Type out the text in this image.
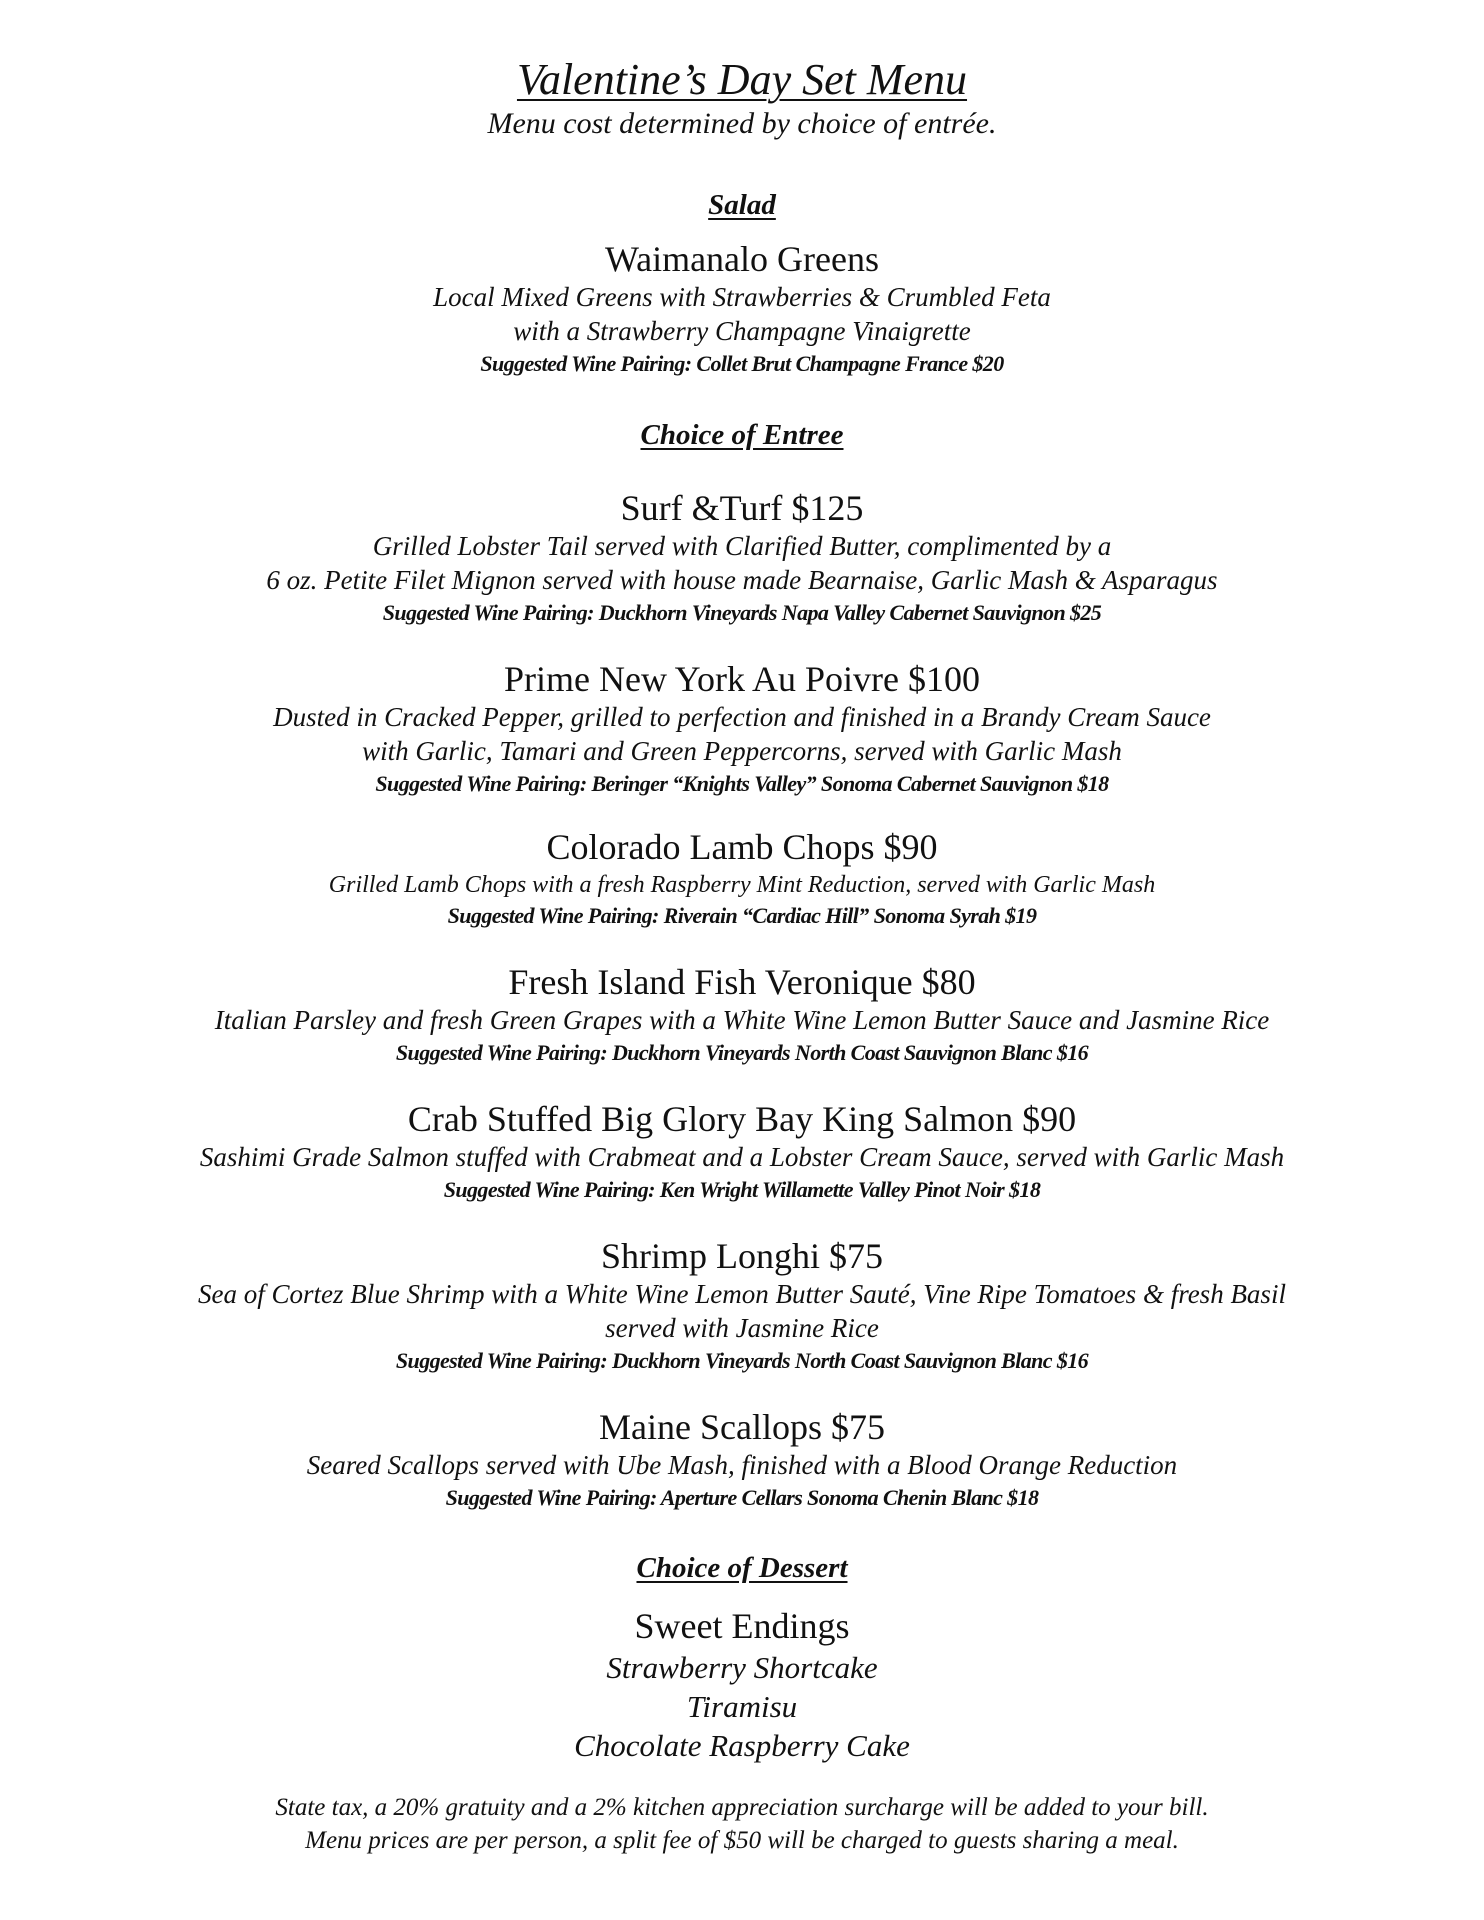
Valentine’s Day Set Menu
Menu cost determined by choice of entrée.
Salad
Waimanalo Greens
Local Mixed Greens with Strawberries & Crumbled Feta
with a Strawberry Champagne Vinaigrette
Suggested Wine Pairing: Collet Brut Champagne France $20
Choice of Entree
Surf &Turf $125
Grilled Lobster Tail served with Clarified Butter, complimented by a
6 oz. Petite Filet Mignon served with house made Bearnaise, Garlic Mash & Asparagus
Suggested Wine Pairing: Duckhorn Vineyards Napa Valley Cabernet Sauvignon $25
Prime New York Au Poivre $100
Dusted in Cracked Pepper, grilled to perfection and finished in a Brandy Cream Sauce
with Garlic, Tamari and Green Peppercorns, served with Garlic Mash
Suggested Wine Pairing: Beringer “Knights Valley” Sonoma Cabernet Sauvignon $18
Colorado Lamb Chops $90
Grilled Lamb Chops with a fresh Raspberry Mint Reduction, served with Garlic Mash
Suggested Wine Pairing: Riverain “Cardiac Hill” Sonoma Syrah $19
Fresh Island Fish Veronique $80
Italian Parsley and fresh Green Grapes with a White Wine Lemon Butter Sauce and Jasmine Rice
Suggested Wine Pairing: Duckhorn Vineyards North Coast Sauvignon Blanc $16
Crab Stuffed Big Glory Bay King Salmon $90
Sashimi Grade Salmon stuffed with Crabmeat and a Lobster Cream Sauce, served with Garlic Mash
Suggested Wine Pairing: Ken Wright Willamette Valley Pinot Noir $18
Shrimp Longhi $75
Sea of Cortez Blue Shrimp with a White Wine Lemon Butter Sauté, Vine Ripe Tomatoes & fresh Basil
served with Jasmine Rice
Suggested Wine Pairing: Duckhorn Vineyards North Coast Sauvignon Blanc $16
Maine Scallops $75
Seared Scallops served with Ube Mash, finished with a Blood Orange Reduction
Suggested Wine Pairing: Aperture Cellars Sonoma Chenin Blanc $18
Choice of Dessert
Sweet Endings
Strawberry Shortcake
Tiramisu
Chocolate Raspberry Cake
State tax, a 20% gratuity and a 2% kitchen appreciation surcharge will be added to your bill.
Menu prices are per person, a split fee of $50 will be charged to guests sharing a meal.
